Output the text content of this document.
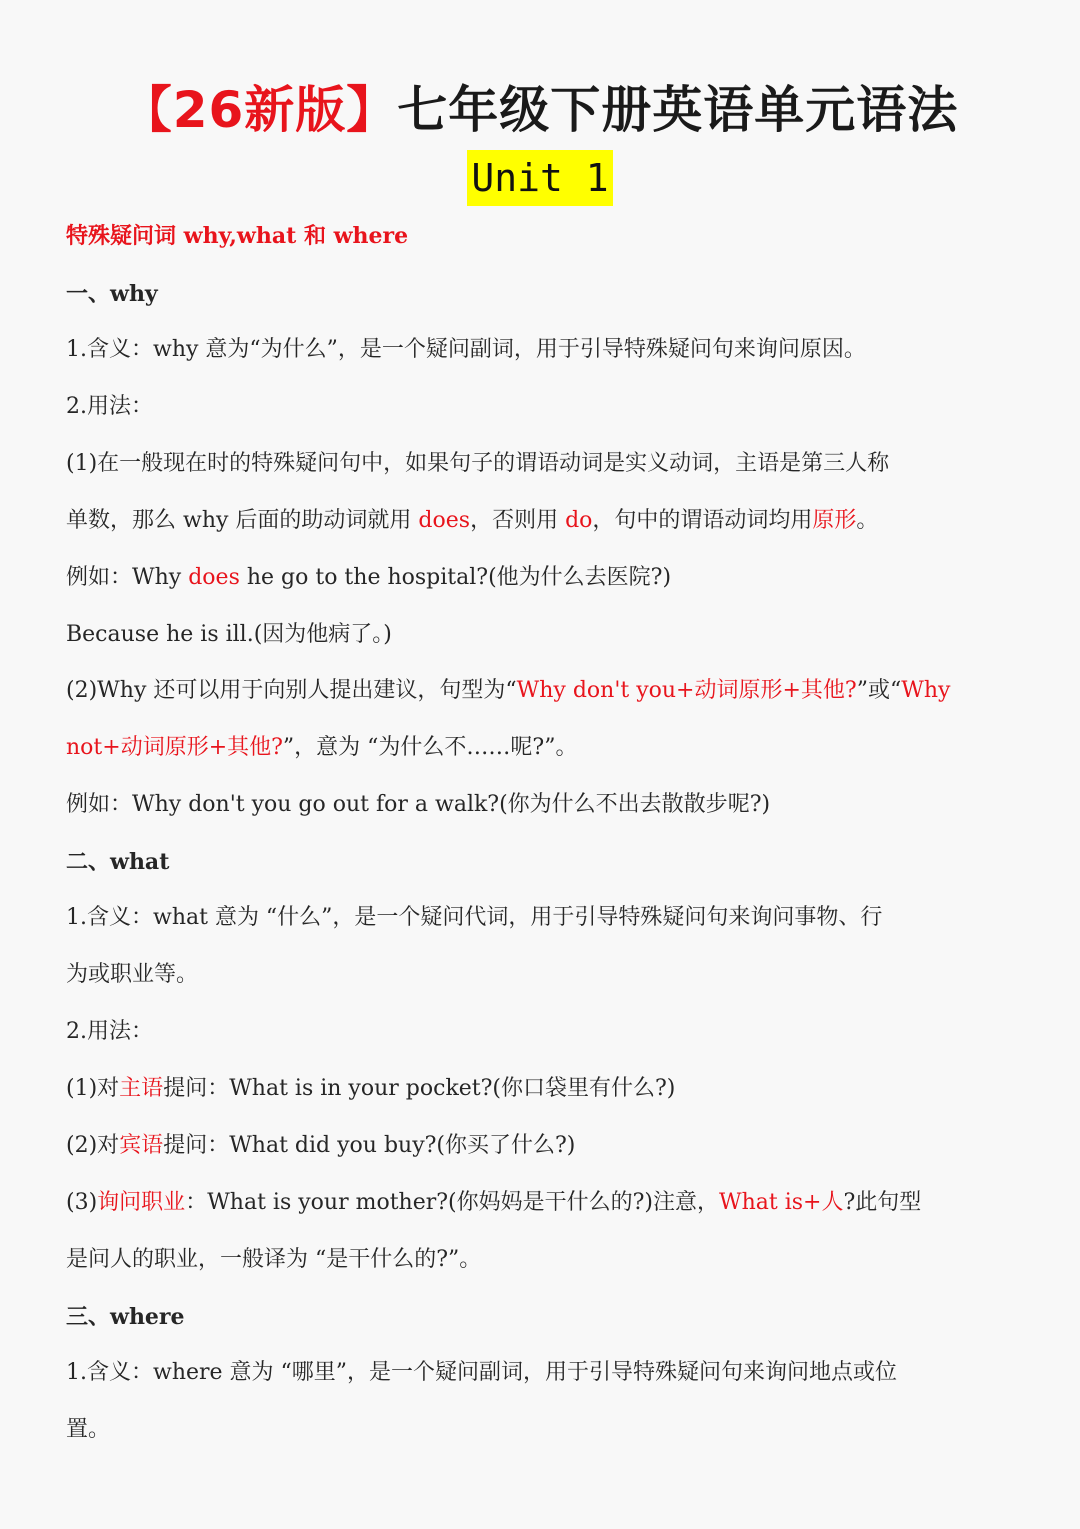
【26新版】七年级下册英语单元语法
Unit 1
特殊疑问词 why,what 和 where
一、why
1.含义：why 意为“为什么”，是一个疑问副词，用于引导特殊疑问句来询问原因。
2.用法：
(1)在一般现在时的特殊疑问句中，如果句子的谓语动词是实义动词，主语是第三人称
单数，那么 why 后面的助动词就用 does，否则用 do，句中的谓语动词均用原形。
例如：Why does he go to the hospital?(他为什么去医院?)
Because he is ill.(因为他病了。)
(2)Why 还可以用于向别人提出建议，句型为“Why don't you+动词原形+其他?”或“Why
not+动词原形+其他?”，意为 “为什么不……呢?”。
例如：Why don't you go out for a walk?(你为什么不出去散散步呢?)
二、what
1.含义：what 意为 “什么”，是一个疑问代词，用于引导特殊疑问句来询问事物、行
为或职业等。
2.用法：
(1)对主语提问：What is in your pocket?(你口袋里有什么?)
(2)对宾语提问：What did you buy?(你买了什么?)
(3)询问职业：What is your mother?(你妈妈是干什么的?)注意，What is+人?此句型
是问人的职业，一般译为 “是干什么的?”。
三、where
1.含义：where 意为 “哪里”，是一个疑问副词，用于引导特殊疑问句来询问地点或位
置。
